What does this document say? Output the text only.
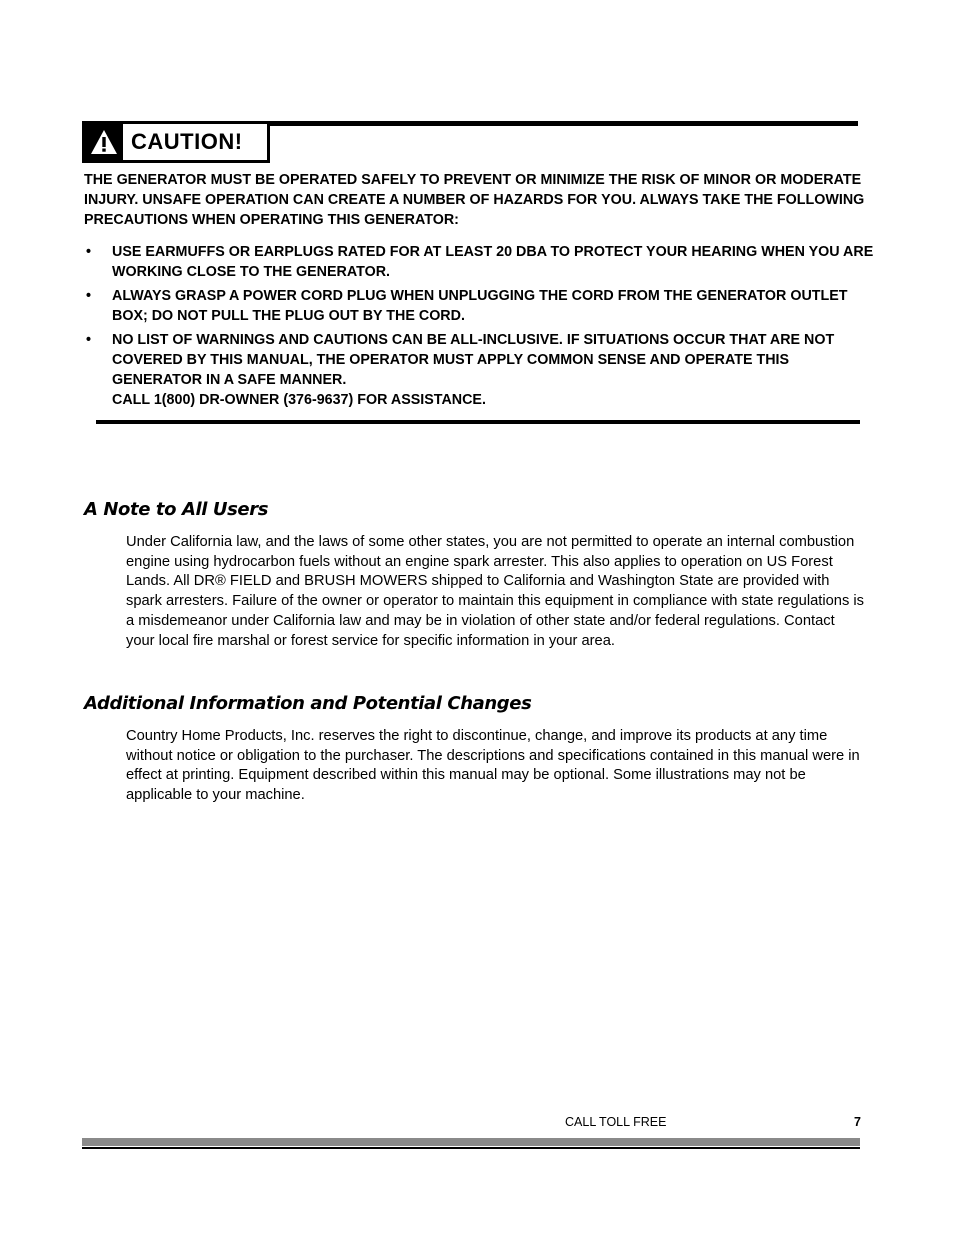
CAUTION!

THE GENERATOR MUST BE OPERATED SAFELY TO PREVENT OR MINIMIZE THE RISK OF MINOR OR MODERATE INJURY. UNSAFE OPERATION CAN CREATE A NUMBER OF HAZARDS FOR YOU. ALWAYS TAKE THE FOLLOWING PRECAUTIONS WHEN OPERATING THIS GENERATOR:

• USE EARMUFFS OR EARPLUGS RATED FOR AT LEAST 20 DBA TO PROTECT YOUR HEARING WHEN YOU ARE WORKING CLOSE TO THE GENERATOR.
• ALWAYS GRASP A POWER CORD PLUG WHEN UNPLUGGING THE CORD FROM THE GENERATOR OUTLET BOX; DO NOT PULL THE PLUG OUT BY THE CORD.
• NO LIST OF WARNINGS AND CAUTIONS CAN BE ALL-INCLUSIVE. IF SITUATIONS OCCUR THAT ARE NOT COVERED BY THIS MANUAL, THE OPERATOR MUST APPLY COMMON SENSE AND OPERATE THIS GENERATOR IN A SAFE MANNER.
CALL 1(800) DR-OWNER (376-9637) FOR ASSISTANCE.
A Note to All Users

Under California law, and the laws of some other states, you are not permitted to operate an internal combustion engine using hydrocarbon fuels without an engine spark arrester. This also applies to operation on US Forest Lands. All DR® FIELD and BRUSH MOWERS shipped to California and Washington State are provided with spark arresters. Failure of the owner or operator to maintain this equipment in compliance with state regulations is a misdemeanor under California law and may be in violation of other state and/or federal regulations. Contact your local fire marshal or forest service for specific information in your area.

Additional Information and Potential Changes

Country Home Products, Inc. reserves the right to discontinue, change, and improve its products at any time without notice or obligation to the purchaser. The descriptions and specifications contained in this manual were in effect at printing. Equipment described within this manual may be optional. Some illustrations may not be applicable to your machine.

CALL TOLL FREE	7
